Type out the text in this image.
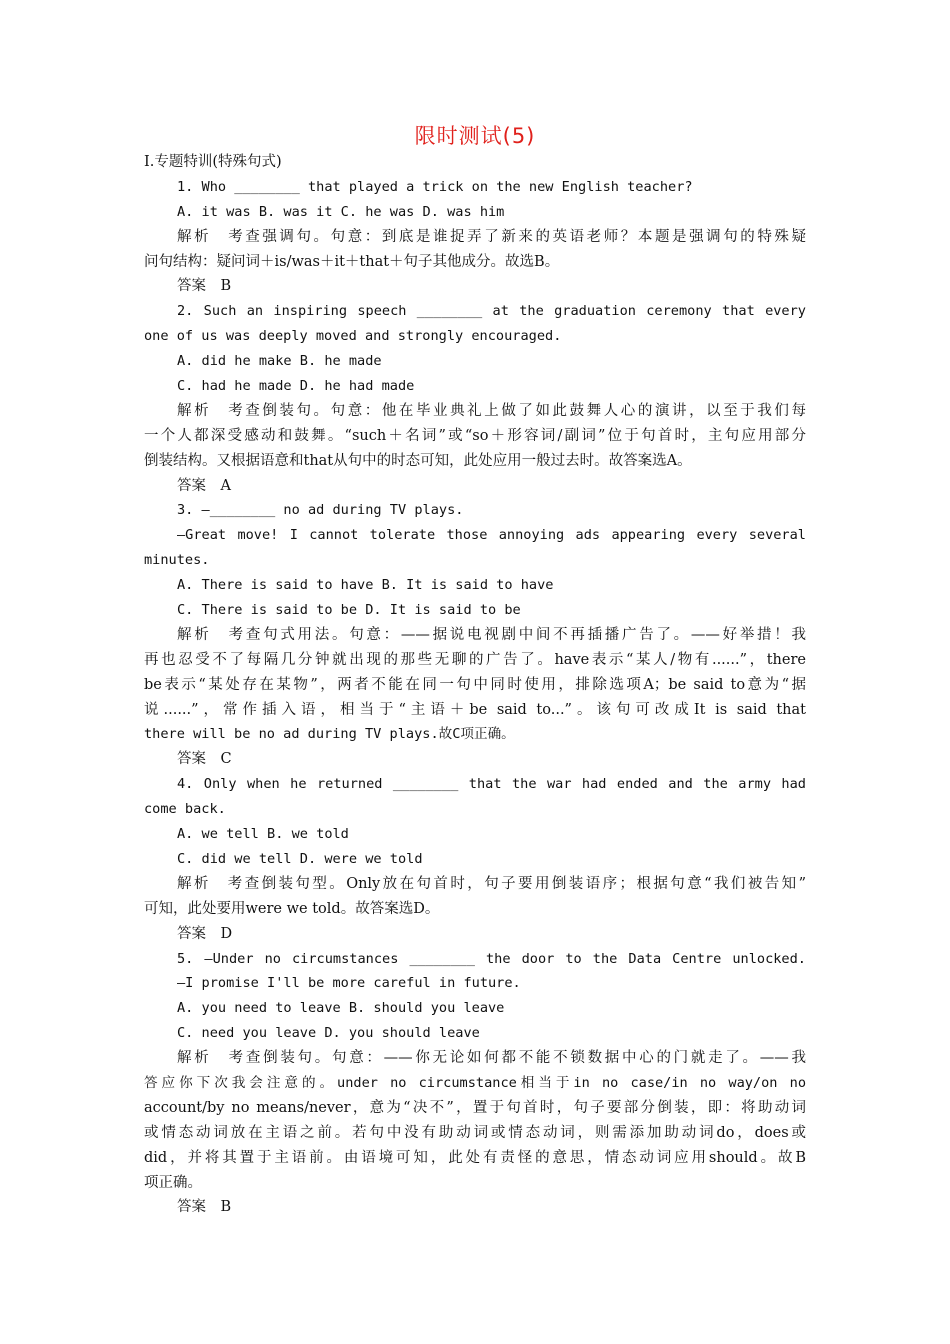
限时测试(5)
Ⅰ.专题特训(特殊句式)
1. Who ________ that played a trick on the new English teacher?
A. it was B. was it C. he was D. was him
解析　考查强调句。句意：到底是谁捉弄了新来的英语老师？本题是强调句的特殊疑
问句结构：疑问词＋is/was＋it＋that＋句子其他成分。故选B。
答案　B
2. Such an inspiring speech ________ at the graduation ceremony that every
one of us was deeply moved and strongly encouraged.
A. did he make B. he made
C. had he made D. he had made
解析　考查倒装句。句意：他在毕业典礼上做了如此鼓舞人心的演讲，以至于我们每
一个人都深受感动和鼓舞。“such＋名词”或“so＋形容词/副词”位于句首时，主句应用部分
倒装结构。又根据语意和that从句中的时态可知，此处应用一般过去时。故答案选A。
答案　A
3. —________ no ad during TV plays.
—Great move! I cannot tolerate those annoying ads appearing every several
minutes.
A. There is said to have B. It is said to have
C. There is said to be D. It is said to be
解析　考查句式用法。句意：——据说电视剧中间不再插播广告了。——好举措！我
再也忍受不了每隔几分钟就出现的那些无聊的广告了。have表示“某人/物有......”，there
be表示“某处存在某物”，两者不能在同一句中同时使用，排除选项A；be said to意为“据
说......”，常作插入语，相当于“主语＋be said to...”。该句可改成It is said that
there will be no ad during TV plays.故C项正确。
答案　C
4. Only when he returned ________ that the war had ended and the army had
come back.
A. we tell B. we told
C. did we tell D. were we told
解析　考查倒装句型。Only放在句首时，句子要用倒装语序；根据句意“我们被告知”
可知，此处要用were we told。故答案选D。
答案　D
5. —Under no circumstances ________ the door to the Data Centre unlocked.
—I promise I'll be more careful in future.
A. you need to leave B. should you leave
C. need you leave D. you should leave
解析　考查倒装句。句意：——你无论如何都不能不锁数据中心的门就走了。——我
答应你下次我会注意的。under no circumstance相当于in no case/in no way/on no
account/by no means/never，意为“决不”，置于句首时，句子要部分倒装，即：将助动词
或情态动词放在主语之前。若句中没有助动词或情态动词，则需添加助动词do，does或
did，并将其置于主语前。由语境可知，此处有责怪的意思，情态动词应用should。故B
项正确。
答案　B
